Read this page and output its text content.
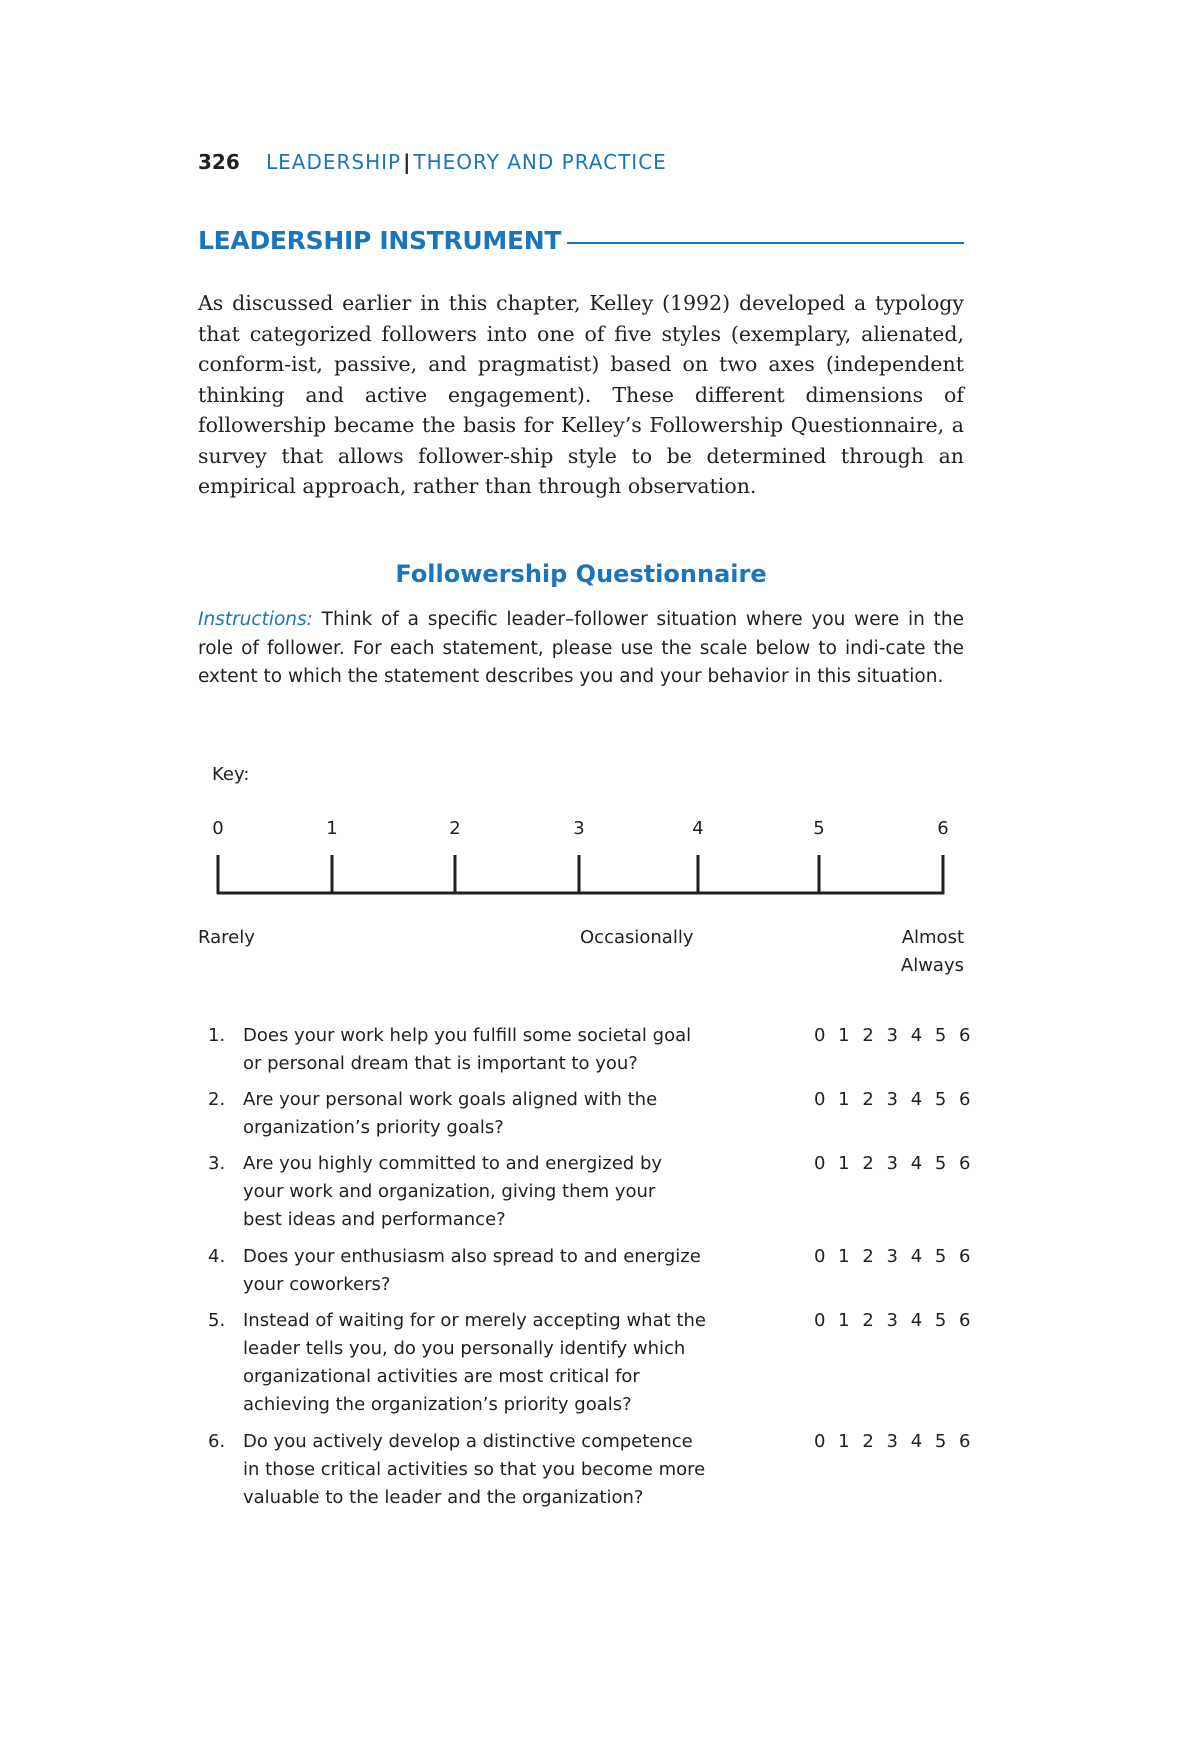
326 LEADERSHIP | THEORY AND PRACTICE
LEADERSHIP INSTRUMENT
As discussed earlier in this chapter, Kelley (1992) developed a typology that categorized followers into one of five styles (exemplary, alienated, conform-ist, passive, and pragmatist) based on two axes (independent thinking and active engagement). These different dimensions of followership became the basis for Kelley’s Followership Questionnaire, a survey that allows follower-ship style to be determined through an empirical approach, rather than through observation.
Followership Questionnaire
Instructions: Think of a specific leader–follower situation where you were in the role of follower. For each statement, please use the scale below to indi-cate the extent to which the statement describes you and your behavior in this situation.
Key:
0	1	2	3	4	5	6
Rarely	Occasionally	Almost
Always
1. Does your work help you fulfill some societal goal or personal dream that is important to you?
0 1 2 3 4 5 6
2. Are your personal work goals aligned with the organization’s priority goals?
0 1 2 3 4 5 6
3. Are you highly committed to and energized by your work and organization, giving them your best ideas and performance?
0 1 2 3 4 5 6
4. Does your enthusiasm also spread to and energize your coworkers?
0 1 2 3 4 5 6
5. Instead of waiting for or merely accepting what the leader tells you, do you personally identify which organizational activities are most critical for achieving the organization’s priority goals?
0 1 2 3 4 5 6
6. Do you actively develop a distinctive competence in those critical activities so that you become more valuable to the leader and the organization?
0 1 2 3 4 5 6
